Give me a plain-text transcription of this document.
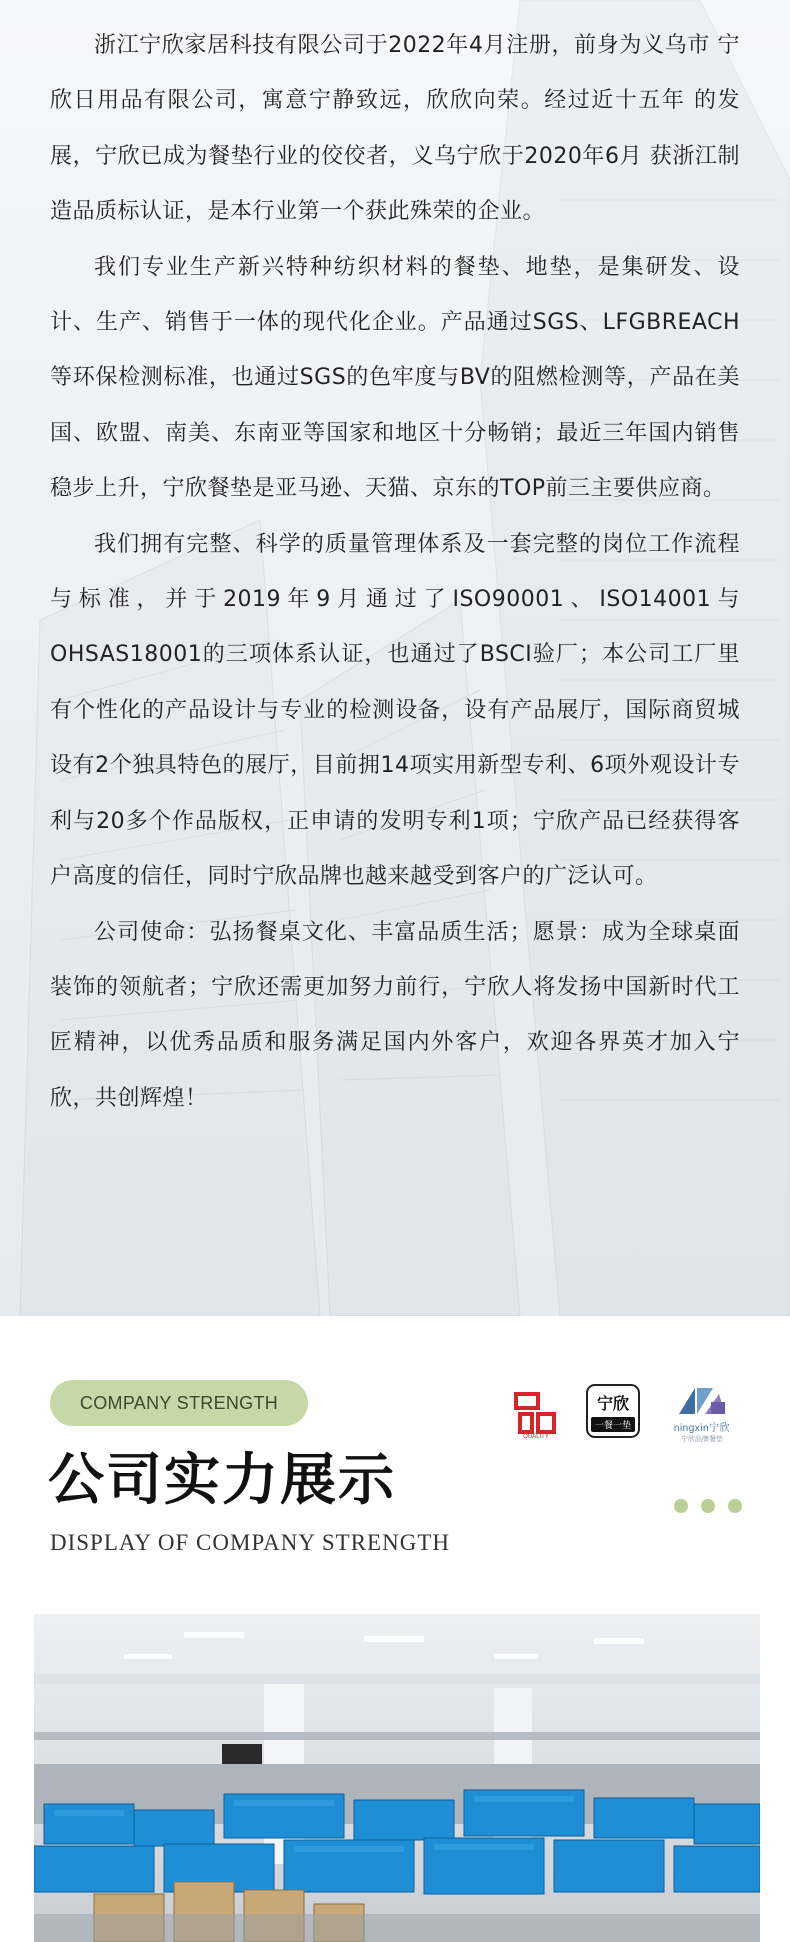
浙江宁欣家居科技有限公司于2022年4月注册，前身为义乌市 宁欣日用品有限公司，寓意宁静致远，欣欣向荣。经过近十五年 的发展，宁欣已成为餐垫行业的佼佼者，义乌宁欣于2020年6月 获浙江制造品质标认证，是本行业第一个获此殊荣的企业。

我们专业生产新兴特种纺织材料的餐垫、地垫，是集研发、设计、生产、销售于一体的现代化企业。产品通过SGS、LFGBREACH等环保检测标准，也通过SGS的色牢度与BV的阻燃检测等，产品在美国、欧盟、南美、东南亚等国家和地区十分畅销；最近三年国内销售稳步上升，宁欣餐垫是亚马逊、天猫、京东的TOP前三主要供应商。

我们拥有完整、科学的质量管理体系及一套完整的岗位工作流程与标准，并于2019年9月通过了ISO90001、ISO14001与OHSAS18001的三项体系认证，也通过了BSCI验厂；本公司工厂里有个性化的产品设计与专业的检测设备，设有产品展厅，国际商贸城设有2个独具特色的展厅，目前拥14项实用新型专利、6项外观设计专利与20多个作品版权，正申请的发明专利1项；宁欣产品已经获得客户高度的信任，同时宁欣品牌也越来越受到客户的广泛认可。

公司使命：弘扬餐桌文化、丰富品质生活；愿景：成为全球桌面装饰的领航者；宁欣还需更加努力前行，宁欣人将发扬中国新时代工匠精神，以优秀品质和服务满足国内外客户，欢迎各界英才加入宁欣，共创辉煌！

COMPANY STRENGTH
QUALITY
宁欣
一餐一垫	ningxin宁欣
宁欣品牌餐垫
公司实力展示
DISPLAY OF COMPANY STRENGTH
